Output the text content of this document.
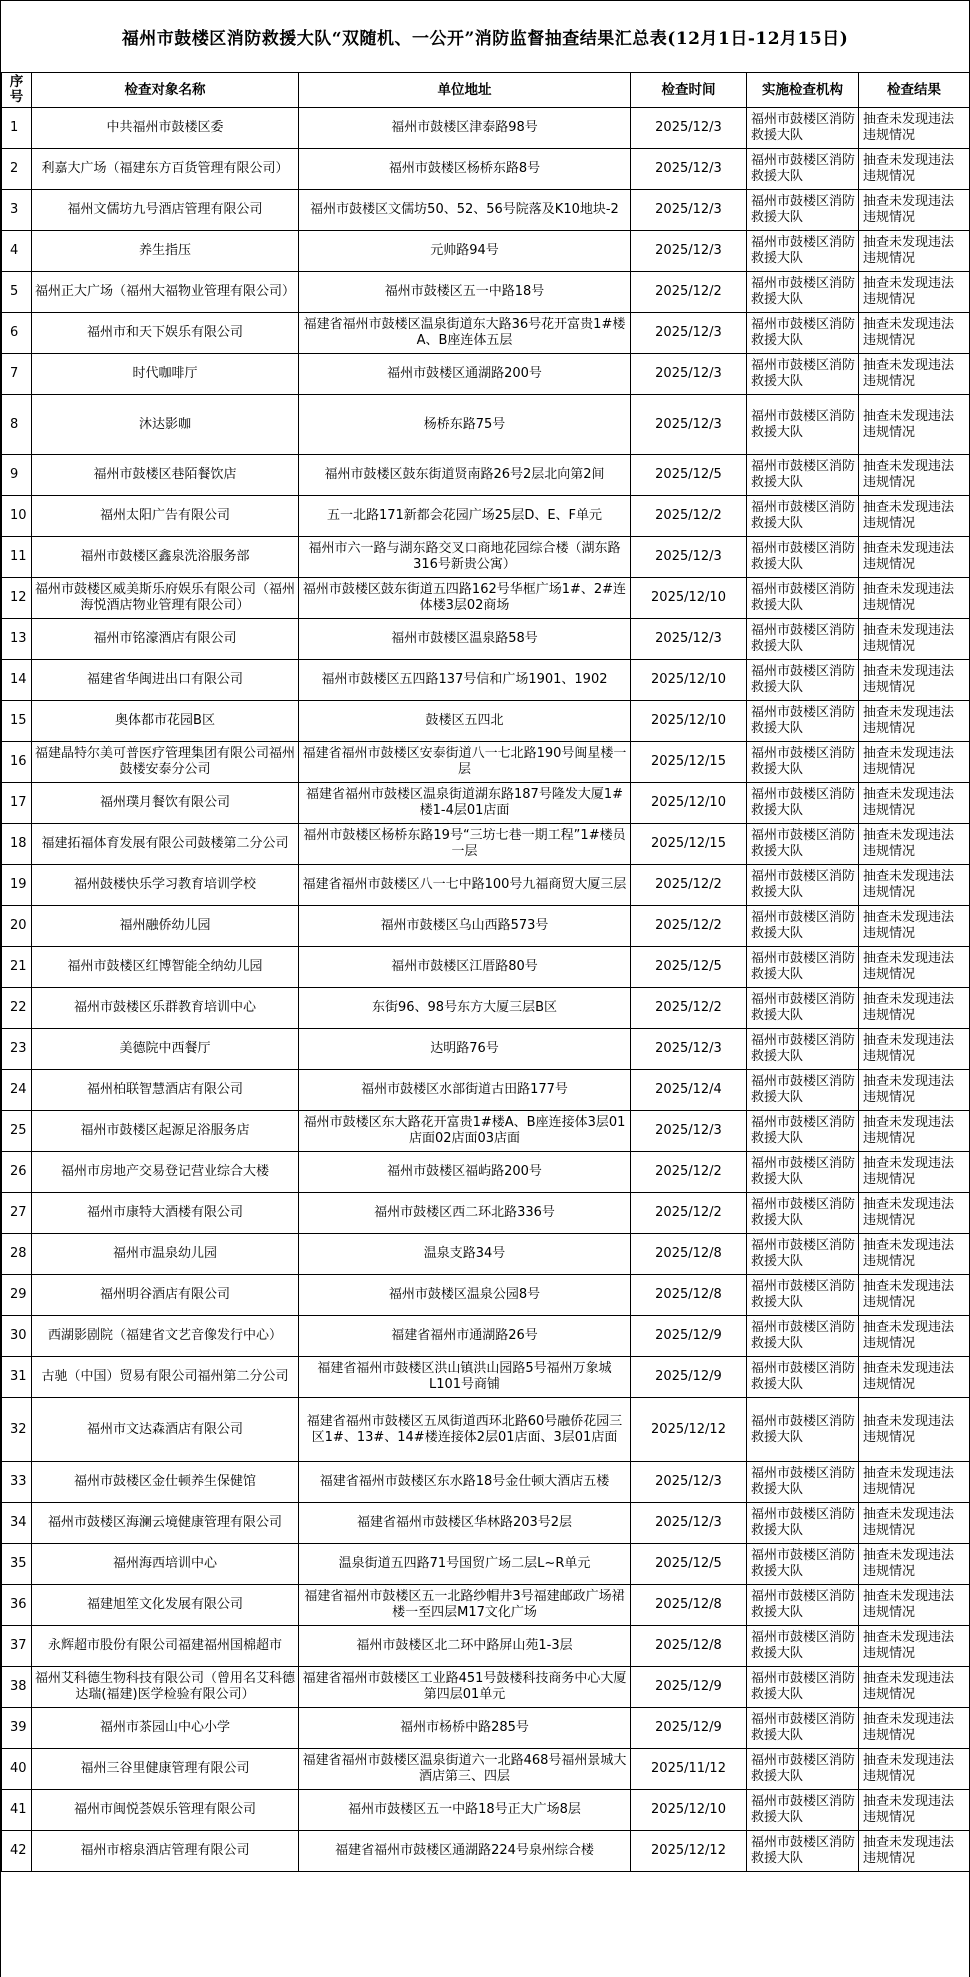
福州市鼓楼区消防救援大队“双随机、一公开”消防监督抽查结果汇总表(12月1日-12月15日)
序号	检查对象名称	单位地址	检查时间	实施检查机构	检查结果
1	中共福州市鼓楼区委	福州市鼓楼区津泰路98号	2025/12/3	福州市鼓楼区消防救援大队	抽查未发现违法违规情况
2	利嘉大广场（福建东方百货管理有限公司）	福州市鼓楼区杨桥东路8号	2025/12/3	福州市鼓楼区消防救援大队	抽查未发现违法违规情况
3	福州文儒坊九号酒店管理有限公司	福州市鼓楼区文儒坊50、52、56号院落及K10地块-2	2025/12/3	福州市鼓楼区消防救援大队	抽查未发现违法违规情况
4	养生指压	元帅路94号	2025/12/3	福州市鼓楼区消防救援大队	抽查未发现违法违规情况
5	福州正大广场（福州大福物业管理有限公司）	福州市鼓楼区五一中路18号	2025/12/2	福州市鼓楼区消防救援大队	抽查未发现违法违规情况
6	福州市和天下娱乐有限公司	福建省福州市鼓楼区温泉街道东大路36号花开富贵1#楼A、B座连体五层	2025/12/3	福州市鼓楼区消防救援大队	抽查未发现违法违规情况
7	时代咖啡厅	福州市鼓楼区通湖路200号	2025/12/3	福州市鼓楼区消防救援大队	抽查未发现违法违规情况
8	沐达影咖	杨桥东路75号	2025/12/3	福州市鼓楼区消防救援大队	抽查未发现违法违规情况
9	福州市鼓楼区巷陌餐饮店	福州市鼓楼区鼓东街道贤南路26号2层北向第2间	2025/12/5	福州市鼓楼区消防救援大队	抽查未发现违法违规情况
10	福州太阳广告有限公司	五一北路171新都会花园广场25层D、E、F单元	2025/12/2	福州市鼓楼区消防救援大队	抽查未发现违法违规情况
11	福州市鼓楼区鑫泉洗浴服务部	福州市六一路与湖东路交叉口商地花园综合楼（湖东路316号新贵公寓）	2025/12/3	福州市鼓楼区消防救援大队	抽查未发现违法违规情况
12	福州市鼓楼区威美斯乐府娱乐有限公司（福州海悦酒店物业管理有限公司）	福州市鼓楼区鼓东街道五四路162号华框广场1#、2#连体楼3层02商场	2025/12/10	福州市鼓楼区消防救援大队	抽查未发现违法违规情况
13	福州市铭濠酒店有限公司	福州市鼓楼区温泉路58号	2025/12/3	福州市鼓楼区消防救援大队	抽查未发现违法违规情况
14	福建省华闽进出口有限公司	福州市鼓楼区五四路137号信和广场1901、1902	2025/12/10	福州市鼓楼区消防救援大队	抽查未发现违法违规情况
15	奥体都市花园B区	鼓楼区五四北	2025/12/10	福州市鼓楼区消防救援大队	抽查未发现违法违规情况
16	福建晶特尔美可普医疗管理集团有限公司福州鼓楼安泰分公司	福建省福州市鼓楼区安泰街道八一七北路190号闽星楼一层	2025/12/15	福州市鼓楼区消防救援大队	抽查未发现违法违规情况
17	福州璞月餐饮有限公司	福建省福州市鼓楼区温泉街道湖东路187号隆发大厦1#楼1-4层01店面	2025/12/10	福州市鼓楼区消防救援大队	抽查未发现违法违规情况
18	福建拓福体育发展有限公司鼓楼第二分公司	福州市鼓楼区杨桥东路19号“三坊七巷一期工程”1#楼员一层	2025/12/15	福州市鼓楼区消防救援大队	抽查未发现违法违规情况
19	福州鼓楼快乐学习教育培训学校	福建省福州市鼓楼区八一七中路100号九福商贸大厦三层	2025/12/2	福州市鼓楼区消防救援大队	抽查未发现违法违规情况
20	福州融侨幼儿园	福州市鼓楼区乌山西路573号	2025/12/2	福州市鼓楼区消防救援大队	抽查未发现违法违规情况
21	福州市鼓楼区红博智能全纳幼儿园	福州市鼓楼区江厝路80号	2025/12/5	福州市鼓楼区消防救援大队	抽查未发现违法违规情况
22	福州市鼓楼区乐群教育培训中心	东街96、98号东方大厦三层B区	2025/12/2	福州市鼓楼区消防救援大队	抽查未发现违法违规情况
23	美德院中西餐厅	达明路76号	2025/12/3	福州市鼓楼区消防救援大队	抽查未发现违法违规情况
24	福州柏联智慧酒店有限公司	福州市鼓楼区水部街道古田路177号	2025/12/4	福州市鼓楼区消防救援大队	抽查未发现违法违规情况
25	福州市鼓楼区起源足浴服务店	福州市鼓楼区东大路花开富贵1#楼A、B座连接体3层01店面02店面03店面	2025/12/3	福州市鼓楼区消防救援大队	抽查未发现违法违规情况
26	福州市房地产交易登记营业综合大楼	福州市鼓楼区福屿路200号	2025/12/2	福州市鼓楼区消防救援大队	抽查未发现违法违规情况
27	福州市康特大酒楼有限公司	福州市鼓楼区西二环北路336号	2025/12/2	福州市鼓楼区消防救援大队	抽查未发现违法违规情况
28	福州市温泉幼儿园	温泉支路34号	2025/12/8	福州市鼓楼区消防救援大队	抽查未发现违法违规情况
29	福州明谷酒店有限公司	福州市鼓楼区温泉公园8号	2025/12/8	福州市鼓楼区消防救援大队	抽查未发现违法违规情况
30	西湖影剧院（福建省文艺音像发行中心）	福建省福州市通湖路26号	2025/12/9	福州市鼓楼区消防救援大队	抽查未发现违法违规情况
31	古驰（中国）贸易有限公司福州第二分公司	福建省福州市鼓楼区洪山镇洪山园路5号福州万象城L101号商铺	2025/12/9	福州市鼓楼区消防救援大队	抽查未发现违法违规情况
32	福州市文达森酒店有限公司	福建省福州市鼓楼区五凤街道西环北路60号融侨花园三区1#、13#、14#楼连接体2层01店面、3层01店面	2025/12/12	福州市鼓楼区消防救援大队	抽查未发现违法违规情况
33	福州市鼓楼区金仕顿养生保健馆	福建省福州市鼓楼区东水路18号金仕顿大酒店五楼	2025/12/3	福州市鼓楼区消防救援大队	抽查未发现违法违规情况
34	福州市鼓楼区海澜云境健康管理有限公司	福建省福州市鼓楼区华林路203号2层	2025/12/3	福州市鼓楼区消防救援大队	抽查未发现违法违规情况
35	福州海西培训中心	温泉街道五四路71号国贸广场二层L~R单元	2025/12/5	福州市鼓楼区消防救援大队	抽查未发现违法违规情况
36	福建旭笙文化发展有限公司	福建省福州市鼓楼区五一北路纱帽井3号福建邮政广场裙楼一至四层M17文化广场	2025/12/8	福州市鼓楼区消防救援大队	抽查未发现违法违规情况
37	永辉超市股份有限公司福建福州国棉超市	福州市鼓楼区北二环中路屏山苑1-3层	2025/12/8	福州市鼓楼区消防救援大队	抽查未发现违法违规情况
38	福州艾科德生物科技有限公司（曾用名艾科德达瑞(福建)医学检验有限公司）	福建省福州市鼓楼区工业路451号鼓楼科技商务中心大厦第四层01单元	2025/12/9	福州市鼓楼区消防救援大队	抽查未发现违法违规情况
39	福州市茶园山中心小学	福州市杨桥中路285号	2025/12/9	福州市鼓楼区消防救援大队	抽查未发现违法违规情况
40	福州三谷里健康管理有限公司	福建省福州市鼓楼区温泉街道六一北路468号福州景城大酒店第三、四层	2025/11/12	福州市鼓楼区消防救援大队	抽查未发现违法违规情况
41	福州市闽悦荟娱乐管理有限公司	福州市鼓楼区五一中路18号正大广场8层	2025/12/10	福州市鼓楼区消防救援大队	抽查未发现违法违规情况
42	福州市榕泉酒店管理有限公司	福建省福州市鼓楼区通湖路224号泉州综合楼	2025/12/12	福州市鼓楼区消防救援大队	抽查未发现违法违规情况
